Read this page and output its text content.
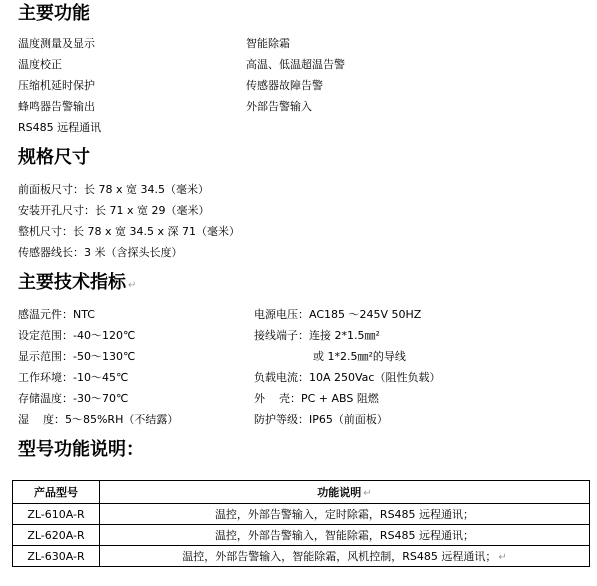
主要功能

温度测量及显示

温度校正

压缩机延时保护

蜂鸣器告警输出

RS485 远程通讯

智能除霜

高温、低温超温告警

传感器故障告警

外部告警输入

规格尺寸

前面板尺寸：长 78 x 宽 34.5（毫米）

安装开孔尺寸：长 71 x 宽 29（毫米）

整机尺寸：长 78 x 宽 34.5 x 深 71（毫米）

传感器线长：3 米（含探头长度）

主要技术指标 ↵

感温元件：NTC

设定范围：-40～120℃

显示范围：-50～130℃

工作环境：-10～45℃

存储温度：-30～70℃

湿    度：5～85%RH（不结露）

电源电压：AC185 ～245V 50HZ

接线端子：连接 2*1.5㎜²

或 1*2.5㎜²的导线

负载电流：10A 250Vac（阻性负载）

外    壳：PC + ABS 阻燃

防护等级：IP65（前面板）

型号功能说明：
产品型号	功能说明 ↵
ZL-610A-R	温控，外部告警输入，定时除霜，RS485 远程通讯；
ZL-620A-R	温控，外部告警输入，智能除霜，RS485 远程通讯；
ZL-630A-R	温控，外部告警输入，智能除霜，风机控制，RS485 远程通讯； ↵
